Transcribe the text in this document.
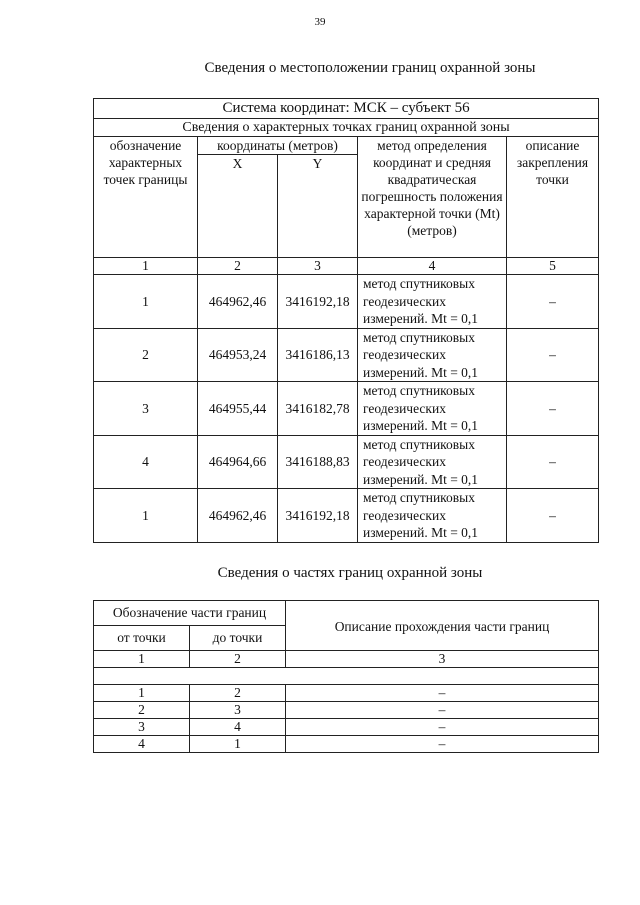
39
Сведения о местоположении границ охранной зоны
Система координат: МСК – субъект 56				
Сведения о характерных точках границ охранной зоны				
обозначение характерных точек границы	координаты (метров)		метод определения координат и средняя квадратическая погрешность положения характерной точки (Mt) (метров)	описание закрепления точки
	X	Y		
1	2	3	4	5
1	464962,46	3416192,18	метод спутниковых геодезических измерений. Mt = 0,1	–
2	464953,24	3416186,13	метод спутниковых геодезических измерений. Mt = 0,1	–
3	464955,44	3416182,78	метод спутниковых геодезических измерений. Mt = 0,1	–
4	464964,66	3416188,83	метод спутниковых геодезических измерений. Mt = 0,1	–
1	464962,46	3416192,18	метод спутниковых геодезических измерений. Mt = 0,1	–
Сведения о частях границ охранной зоны
Обозначение части границ		Описание прохождения части границ
от точки	до точки	
1	2	3

1	2	–
2	3	–
3	4	–
4	1	–
